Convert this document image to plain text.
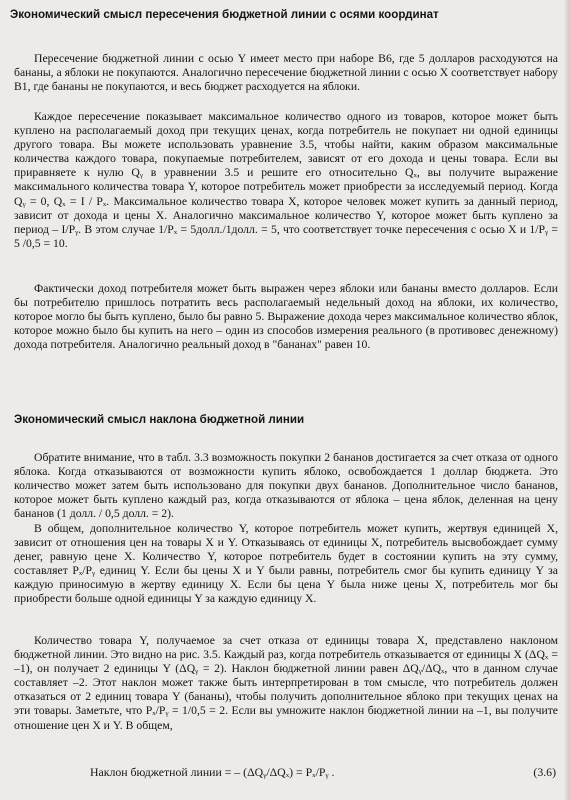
Экономический смысл пересечения бюджетной линии с осями координат

Пересечение бюджетной линии с осью Y имеет место при наборе В6, где 5 долларов расходуются на бананы, а яблоки не покупаются. Аналогично пересечение бюджетной линии с осью Х соответствует набору В1, где бананы не покупаются, и весь бюджет расходуется на яблоки.

Каждое пересечение показывает максимальное количество одного из товаров, которое может быть куплено на располагаемый доход при текущих ценах, когда потребитель не покупает ни одной единицы другого товара. Вы можете использовать уравнение 3.5, чтобы найти, каким образом максимальные количества каждого товара, покупаемые потребителем, зависят от его дохода и цены товара. Если вы приравняете к нулю Qᵧ в уравнении 3.5 и решите его относительно Qₓ, вы получите выражение максимального количества товара Y, которое потребитель может приобрести за исследуемый период. Когда Qᵧ = 0, Qₓ = I / Pₓ. Максимальное количество товара Х, которое человек может купить за данный период, зависит от дохода и цены Х. Аналогично максимальное количество Y, которое может быть куплено за период – I/Pᵧ. В этом случае 1/Pₓ = 5долл./1долл. = 5, что соответствует точке пересечения с осью Х и 1/Pᵧ = 5 /0,5 = 10.

Фактически доход потребителя может быть выражен через яблоки или бананы вместо долларов. Если бы потребителю пришлось потратить весь располагаемый недельный доход на яблоки, их количество, которое могло бы быть куплено, было бы равно 5. Выражение дохода через максимальное количество яблок, которое можно было бы купить на него – один из способов измерения реального (в противовес денежному) дохода потребителя. Аналогично реальный доход в "бананах" равен 10.

Экономический смысл наклона бюджетной линии

Обратите внимание, что в табл. 3.3 возможность покупки 2 бананов достигается за счет отказа от одного яблока. Когда отказываются от возможности купить яблоко, освобождается 1 доллар бюджета. Это количество может затем быть использовано для покупки двух бананов. Дополнительное число бананов, которое может быть куплено каждый раз, когда отказываются от яблока – цена яблок, деленная на цену бананов (1 долл. / 0,5 долл. = 2).

В общем, дополнительное количество Y, которое потребитель может купить, жертвуя единицей Х, зависит от отношения цен на товары Х и Y. Отказываясь от единицы Х, потребитель высвобождает сумму денег, равную цене Х. Количество Y, которое потребитель будет в состоянии купить на эту сумму, составляет Pₓ/Pᵧ единиц Y. Если бы цены Х и Y были равны, потребитель смог бы купить единицу Y за каждую приносимую в жертву единицу Х. Если бы цена Y была ниже цены Х, потребитель мог бы приобрести больше одной единицы Y за каждую единицу Х.

Количество товара Y, получаемое за счет отказа от единицы товара Х, представлено наклоном бюджетной линии. Это видно на рис. 3.5. Каждый раз, когда потребитель отказывается от единицы Х (ΔQₓ = –1), он получает 2 единицы Y (ΔQᵧ = 2). Наклон бюджетной линии равен ΔQᵧ/ΔQₓ, что в данном случае составляет –2. Этот наклон может также быть интерпретирован в том смысле, что потребитель должен отказаться от 2 единиц товара Y (бананы), чтобы получить дополнительное яблоко при текущих ценах на эти товары. Заметьте, что Pₓ/Pᵧ = 1/0,5 = 2. Если вы умножите наклон бюджетной линии на –1, вы получите отношение цен Х и Y. В общем,

Наклон бюджетной линии = – (ΔQᵧ/ΔQₓ) = Pₓ/Pᵧ .	(3.6)
